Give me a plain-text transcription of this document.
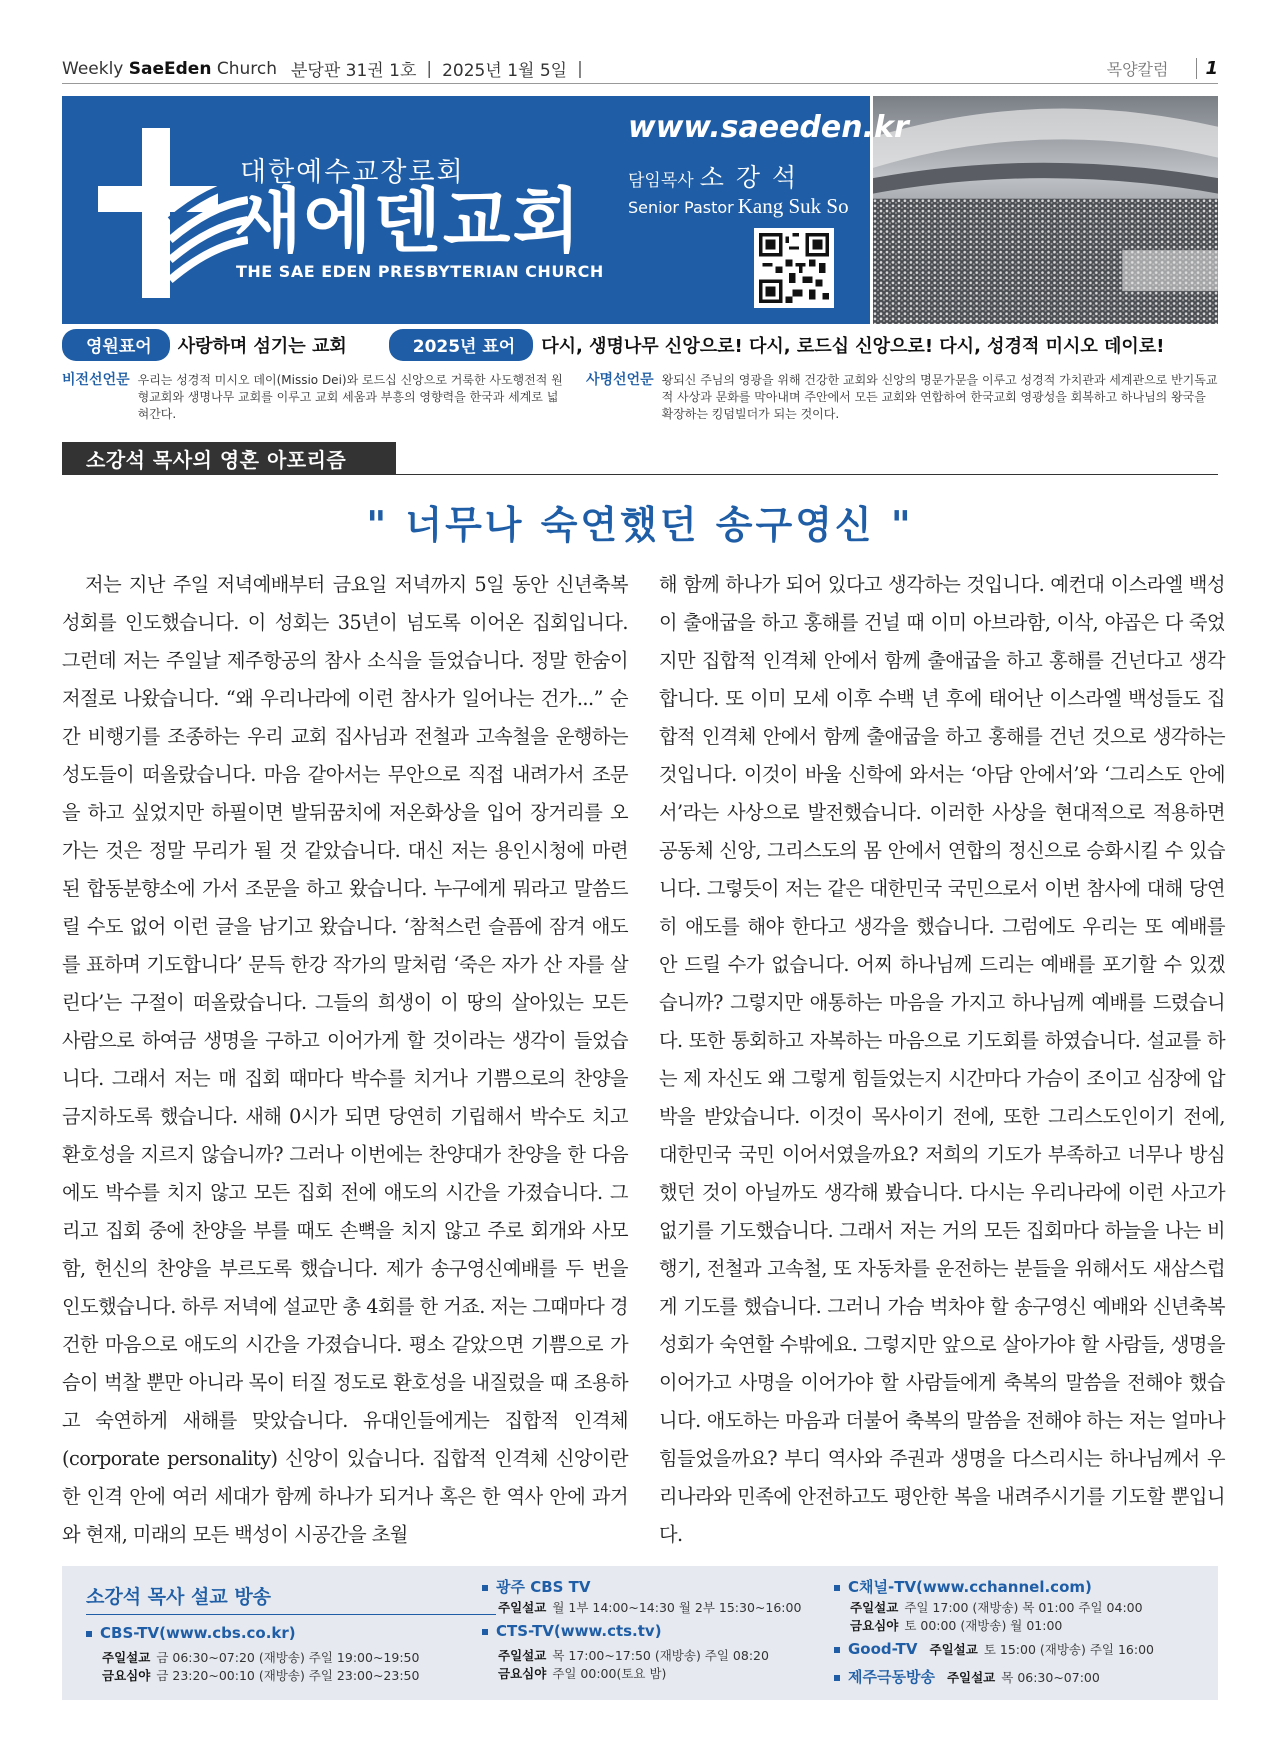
Weekly SaeEden Church 분당판 31권 1호 | 2025년 1월 5일 |	목양칼럼	1
대한예수교장로회
새에덴교회
THE SAE EDEN PRESBYTERIAN CHURCH
www.saeeden.kr
담임목사 소강석
Senior Pastor Kang Suk So
영원표어	사랑하며 섬기는 교회	2025년 표어	다시, 생명나무 신앙으로! 다시, 로드십 신앙으로! 다시, 성경적 미시오 데이로!
비전선언문 우리는 성경적 미시오 데이(Missio Dei)와 로드십 신앙으로 거룩한 사도행전적 원형교회와 생명나무 교회를 이루고 교회 세움과 부흥의 영향력을 한국과 세계로 넓혀간다.
사명선언문 왕되신 주님의 영광을 위해 건강한 교회와 신앙의 명문가문을 이루고 성경적 가치관과 세계관으로 반기독교적 사상과 문화를 막아내며 주안에서 모든 교회와 연합하여 한국교회 영광성을 회복하고 하나님의 왕국을 확장하는 킹덤빌더가 되는 것이다.
소강석 목사의 영혼 아포리즘
" 너무나 숙연했던 송구영신 "
저는 지난 주일 저녁예배부터 금요일 저녁까지 5일 동안 신년축복성회를 인도했습니다. 이 성회는 35년이 넘도록 이어온 집회입니다. 그런데 저는 주일날 제주항공의 참사 소식을 들었습니다. 정말 한숨이 저절로 나왔습니다. “왜 우리나라에 이런 참사가 일어나는 건가...” 순간 비행기를 조종하는 우리 교회 집사님과 전철과 고속철을 운행하는 성도들이 떠올랐습니다. 마음 같아서는 무안으로 직접 내려가서 조문을 하고 싶었지만 하필이면 발뒤꿈치에 저온화상을 입어 장거리를 오가는 것은 정말 무리가 될 것 같았습니다. 대신 저는 용인시청에 마련된 합동분향소에 가서 조문을 하고 왔습니다. 누구에게 뭐라고 말씀드릴 수도 없어 이런 글을 남기고 왔습니다. ‘참척스런 슬픔에 잠겨 애도를 표하며 기도합니다’ 문득 한강 작가의 말처럼 ‘죽은 자가 산 자를 살린다’는 구절이 떠올랐습니다. 그들의 희생이 이 땅의 살아있는 모든 사람으로 하여금 생명을 구하고 이어가게 할 것이라는 생각이 들었습니다. 그래서 저는 매 집회 때마다 박수를 치거나 기쁨으로의 찬양을 금지하도록 했습니다. 새해 0시가 되면 당연히 기립해서 박수도 치고 환호성을 지르지 않습니까? 그러나 이번에는 찬양대가 찬양을 한 다음에도 박수를 치지 않고 모든 집회 전에 애도의 시간을 가졌습니다. 그리고 집회 중에 찬양을 부를 때도 손뼉을 치지 않고 주로 회개와 사모함, 헌신의 찬양을 부르도록 했습니다. 제가 송구영신예배를 두 번을 인도했습니다. 하루 저녁에 설교만 총 4회를 한 거죠. 저는 그때마다 경건한 마음으로 애도의 시간을 가졌습니다. 평소 같았으면 기쁨으로 가슴이 벅찰 뿐만 아니라 목이 터질 정도로 환호성을 내질렀을 때 조용하고 숙연하게 새해를 맞았습니다. 유대인들에게는 집합적 인격체(corporate personality) 신앙이 있습니다. 집합적 인격체 신앙이란 한 인격 안에 여러 세대가 함께 하나가 되거나 혹은 한 역사 안에 과거와 현재, 미래의 모든 백성이 시공간을 초월
해 함께 하나가 되어 있다고 생각하는 것입니다. 예컨대 이스라엘 백성이 출애굽을 하고 홍해를 건널 때 이미 아브라함, 이삭, 야곱은 다 죽었지만 집합적 인격체 안에서 함께 출애굽을 하고 홍해를 건넌다고 생각합니다. 또 이미 모세 이후 수백 년 후에 태어난 이스라엘 백성들도 집합적 인격체 안에서 함께 출애굽을 하고 홍해를 건넌 것으로 생각하는 것입니다. 이것이 바울 신학에 와서는 ‘아담 안에서’와 ‘그리스도 안에서’라는 사상으로 발전했습니다. 이러한 사상을 현대적으로 적용하면 공동체 신앙, 그리스도의 몸 안에서 연합의 정신으로 승화시킬 수 있습니다. 그렇듯이 저는 같은 대한민국 국민으로서 이번 참사에 대해 당연히 애도를 해야 한다고 생각을 했습니다. 그럼에도 우리는 또 예배를 안 드릴 수가 없습니다. 어찌 하나님께 드리는 예배를 포기할 수 있겠습니까? 그렇지만 애통하는 마음을 가지고 하나님께 예배를 드렸습니다. 또한 통회하고 자복하는 마음으로 기도회를 하였습니다. 설교를 하는 제 자신도 왜 그렇게 힘들었는지 시간마다 가슴이 조이고 심장에 압박을 받았습니다. 이것이 목사이기 전에, 또한 그리스도인이기 전에, 대한민국 국민 이어서였을까요? 저희의 기도가 부족하고 너무나 방심했던 것이 아닐까도 생각해 봤습니다. 다시는 우리나라에 이런 사고가 없기를 기도했습니다. 그래서 저는 거의 모든 집회마다 하늘을 나는 비행기, 전철과 고속철, 또 자동차를 운전하는 분들을 위해서도 새삼스럽게 기도를 했습니다. 그러니 가슴 벅차야 할 송구영신 예배와 신년축복성회가 숙연할 수밖에요. 그렇지만 앞으로 살아가야 할 사람들, 생명을 이어가고 사명을 이어가야 할 사람들에게 축복의 말씀을 전해야 했습니다. 애도하는 마음과 더불어 축복의 말씀을 전해야 하는 저는 얼마나 힘들었을까요? 부디 역사와 주권과 생명을 다스리시는 하나님께서 우리나라와 민족에 안전하고도 평안한 복을 내려주시기를 기도할 뿐입니다.
소강석 목사 설교 방송
CBS-TV(www.cbs.co.kr)
주일설교 금 06:30~07:20 (재방송) 주일 19:00~19:50
금요심야 금 23:20~00:10 (재방송) 주일 23:00~23:50
광주 CBS TV
주일설교 월 1부 14:00~14:30 월 2부 15:30~16:00
CTS-TV(www.cts.tv)
주일설교 목 17:00~17:50 (재방송) 주일 08:20
금요심야 주일 00:00(토요 밤)
C채널-TV(www.cchannel.com)
주일설교 주일 17:00 (재방송) 목 01:00 주일 04:00
금요심야 토 00:00 (재방송) 월 01:00
Good-TV 주일설교 토 15:00 (재방송) 주일 16:00
제주극동방송 주일설교 목 06:30~07:00
